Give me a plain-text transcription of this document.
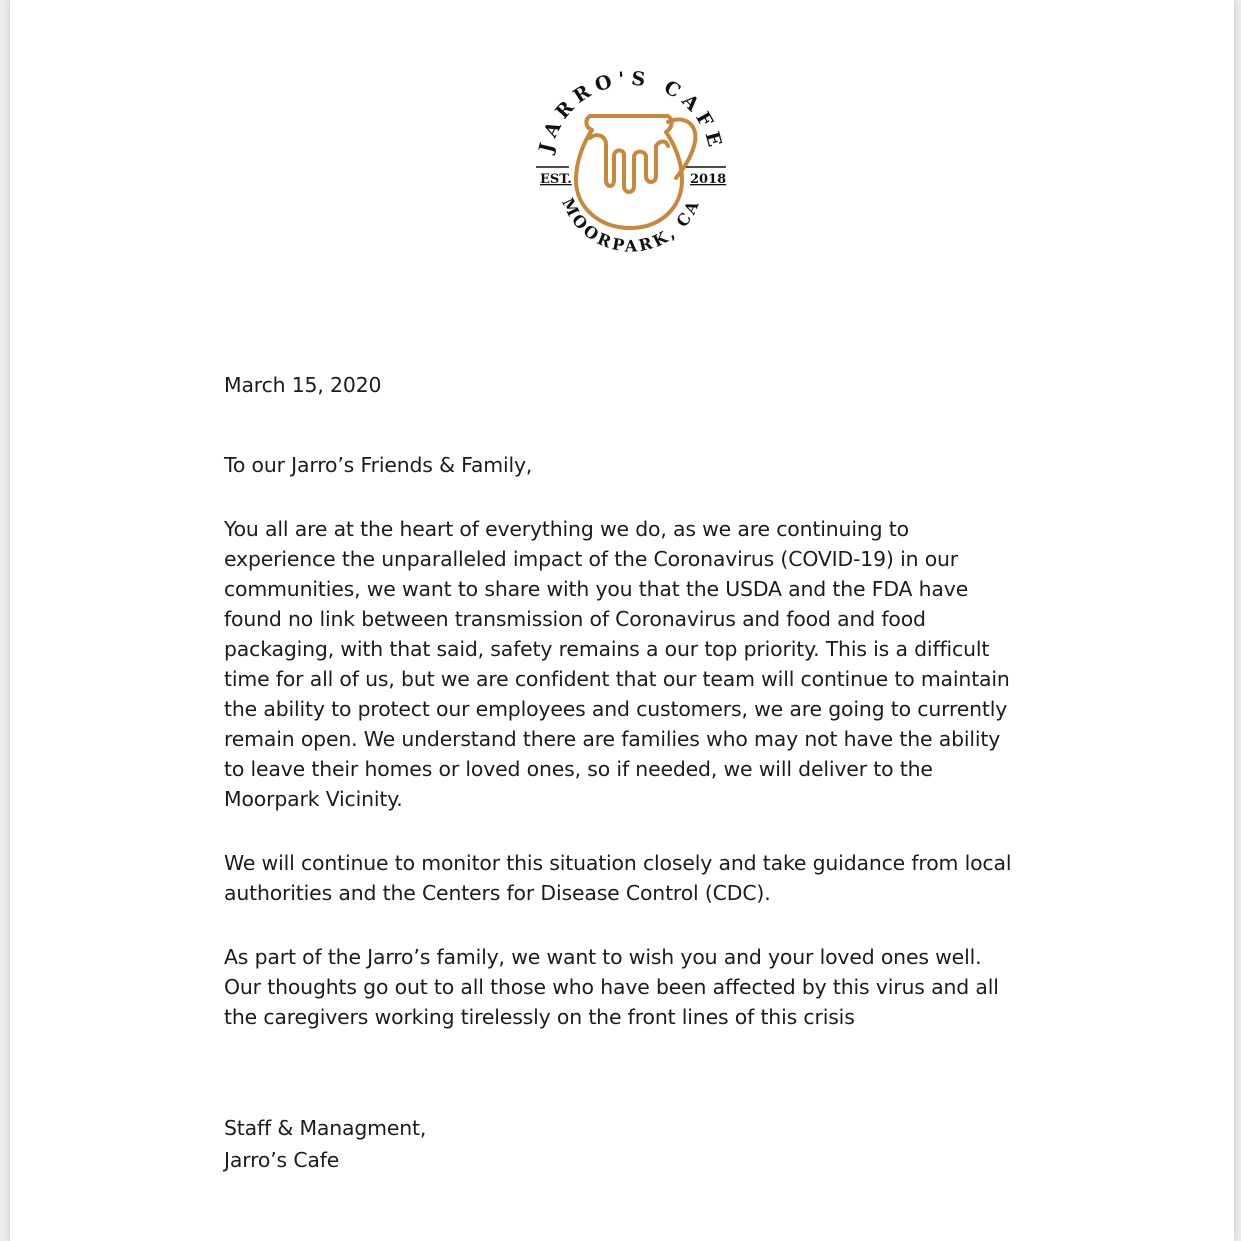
JARRO'S CAFE
MOORPARK, CA
EST.	2018

March 15, 2020

To our Jarro’s Friends & Family,

You all are at the heart of everything we do, as we are continuing to experience the unparalleled impact of the Coronavirus (COVID-19) in our communities, we want to share with you that the USDA and the FDA have found no link between transmission of Coronavirus and food and food packaging, with that said, safety remains a our top priority. This is a difficult time for all of us, but we are confident that our team will continue to maintain the ability to protect our employees and customers, we are going to currently remain open. We understand there are families who may not have the ability to leave their homes or loved ones, so if needed, we will deliver to the Moorpark Vicinity.

We will continue to monitor this situation closely and take guidance from local authorities and the Centers for Disease Control (CDC).

As part of the Jarro’s family, we want to wish you and your loved ones well. Our thoughts go out to all those who have been affected by this virus and all the caregivers working tirelessly on the front lines of this crisis

Staff & Managment,

Jarro’s Cafe
